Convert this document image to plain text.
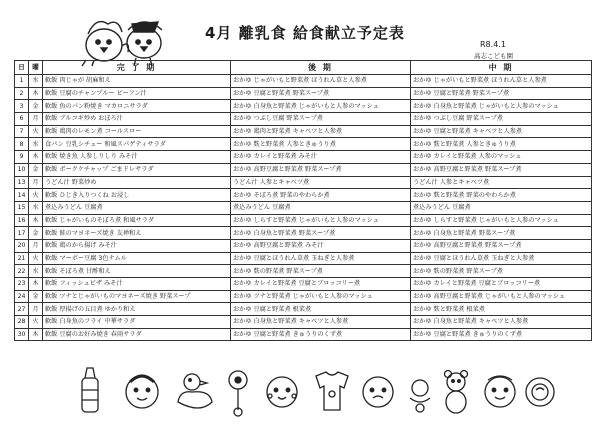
4月 離乳食 給食献立予定表
R8.4.1
高志こども園
日	曜	完 了 期	後 期	中 期
1	水	軟飯 肉じゃが 胡麻和え	おかゆ じゃがいもと野菜煮 ほうれん草と人参煮	おかゆ じゃがいもと野菜煮 ほうれん草と人参煮
2	木	軟飯 豆腐のチャンプルー ビーフン汁	おかゆ 豆腐と野菜煮 野菜スープ煮	おかゆ 豆腐と野菜煮 野菜スープ煮
3	金	軟飯 魚のパン粉焼き マカロニサラダ	おかゆ 白身魚と野菜煮 じゃがいもと人参のマッシュ	おかゆ 白身魚と野菜煮 じゃがいもと人参のマッシュ
6	月	軟飯 ブルコギ炒め おぼろ汁	おかゆ つぶし豆腐 野菜スープ煮	おかゆ つぶし豆腐 野菜スープ煮
7	火	軟飯 鶏肉のレモン煮 コールスロー	おかゆ 鶏肉と野菜煮 キャベツと人参煮	おかゆ 豆腐と野菜煮 キャベツと人参煮
8	水	食パン 豆乳シチュー 和風スパゲティサラダ	おかゆ 麩と野菜煮 人参ときゅうり煮	おかゆ 麩と野菜煮 人参ときゅうり煮
9	木	軟飯 焼き魚 人参しりしり みそ汁	おかゆ カレイと野菜煮 みそ汁	おかゆ カレイと野菜煮 人参のマッシュ
10	金	軟飯 ポークケチャップ ごまドレサラダ	おかゆ 高野豆腐と野菜煮 野菜スープ煮	おかゆ 高野豆腐と野菜煮 野菜スープ煮
13	月	うどん汁 野菜炒め	うどん汁 人参とキャベツ煮	うどん汁 人参とキャベツ煮
14	火	軟飯 ひじき入りつくね お浸し	おかゆ そぼろ煮 野菜のやわらか煮	おかゆ 麩と野菜煮 野菜のやわらか煮
15	水	煮込みうどん 豆腐煮	煮込みうどん 豆腐煮	煮込みうどん 豆腐煮
16	木	軟飯 じゃがいものそぼろ煮 和風サラダ	おかゆ しらすと野菜煮 じゃがいもと人参のマッシュ	おかゆ しらすと野菜煮 じゃがいもと人参のマッシュ
17	金	軟飯 鮭のマヨネーズ焼き 友禅和え	おかゆ 白身魚と野菜煮 野菜スープ煮	おかゆ 白身魚と野菜煮 野菜スープ煮
20	月	軟飯 鶏のから揚げ みそ汁	おかゆ 高野豆腐と野菜煮 みそ汁	おかゆ 高野豆腐と野菜煮 野菜スープ煮
21	火	軟飯 マーボー豆腐 3色ナムル	おかゆ 豆腐とほうれん草煮 玉ねぎと人参煮	おかゆ 豆腐とほうれん草煮 玉ねぎと人参煮
22	水	軟飯 そぼろ煮 甘酢和え	おかゆ 麩の野菜煮 野菜スープ煮	おかゆ 麩の野菜煮 野菜スープ煮
23	木	軟飯 フィッシュビザ みそ汁	おかゆ カレイと野菜煮 豆腐とブロッコリー煮	おかゆ カレイと野菜煮 豆腐とブロッコリー煮
24	金	軟飯 ツナとじゃがいものマヨネーズ焼き 野菜スープ	おかゆ ツナと野菜煮 じゃがいもと人参のマッシュ	おかゆ 高野豆腐と野菜煮 じゃがいもと人参のマッシュ
27	月	軟飯 厚揚げの五目煮 ゆかり和え	おかゆ 豆腐と野菜煮 根菜煮	おかゆ 麩と野菜煮 根菜煮
28	火	軟飯 白身魚のフライ 中華サラダ	おかゆ 白身魚と野菜煮 キャベツと人参煮	おかゆ 白身魚と野菜煮 キャベツと人参煮
30	木	軟飯 豆腐のお好み焼き 春雨サラダ	おかゆ 豆腐と野菜煮 きゅうりのくず煮	おかゆ 豆腐と野菜煮 きゅうりのくず煮
